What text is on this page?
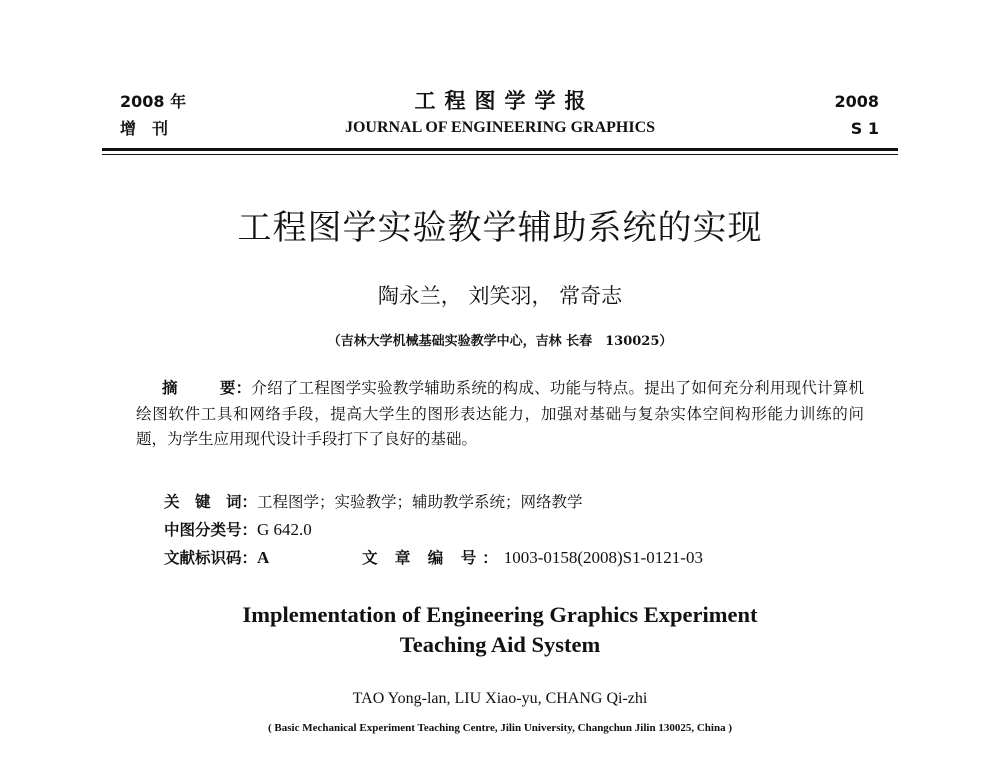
2008 年
增　刊
工程图学学报
JOURNAL OF ENGINEERING GRAPHICS
2008
S 1
工程图学实验教学辅助系统的实现
陶永兰， 刘笑羽， 常奇志
（吉林大学机械基础实验教学中心，吉林 长春　130025）
摘	要：介绍了工程图学实验教学辅助系统的构成、功能与特点。提出了如何充分利用现代计算机绘图软件工具和网络手段，提高大学生的图形表达能力，加强对基础与复杂实体空间构形能力训练的问题，为学生应用现代设计手段打下了良好的基础。
关　键　词：工程图学；实验教学；辅助教学系统；网络教学
中图分类号：G 642.0
文献标识码：A	文 章 编 号：1003-0158(2008)S1-0121-03
Implementation of Engineering Graphics Experiment
Teaching Aid System
TAO Yong-lan, LIU Xiao-yu, CHANG Qi-zhi
( Basic Mechanical Experiment Teaching Centre, Jilin University, Changchun Jilin 130025, China )
